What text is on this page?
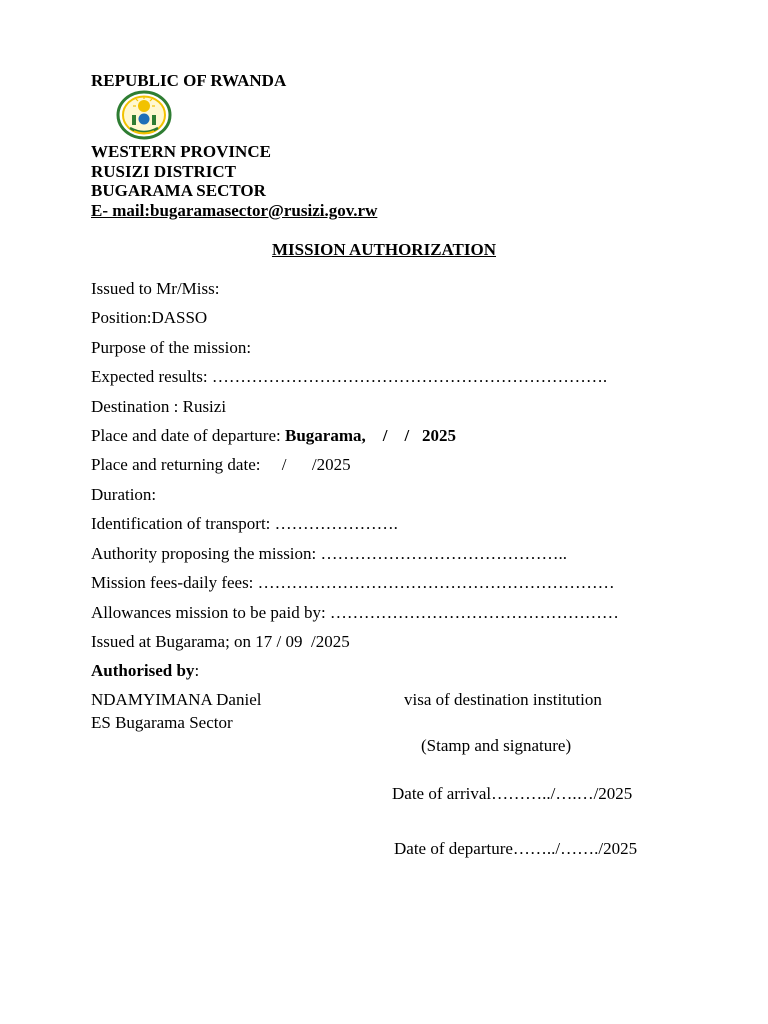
REPUBLIC OF RWANDA
WESTERN PROVINCE
RUSIZI DISTRICT
BUGARAMA SECTOR
E- mail:bugaramasector@rusizi.gov.rw
MISSION AUTHORIZATION
Issued to Mr/Miss:
Position:DASSO
Purpose of the mission:
Expected results: …………………………………………………………….
Destination : Rusizi
Place and date of departure: Bugarama,    /    /   2025
Place and returning date:     /      /2025
Duration:
Identification of transport: ………………….
Authority proposing the mission: ……………………………………..
Mission fees-daily fees: ………………………………………………………
Allowances mission to be paid by: ……………………………………………
Issued at Bugarama; on 17 / 09  /2025
Authorised by:
NDAMYIMANA Daniel
ES Bugarama Sector
visa of destination institution
(Stamp and signature)
Date of arrival………../….…/2025
Date of departure……../……./2025
